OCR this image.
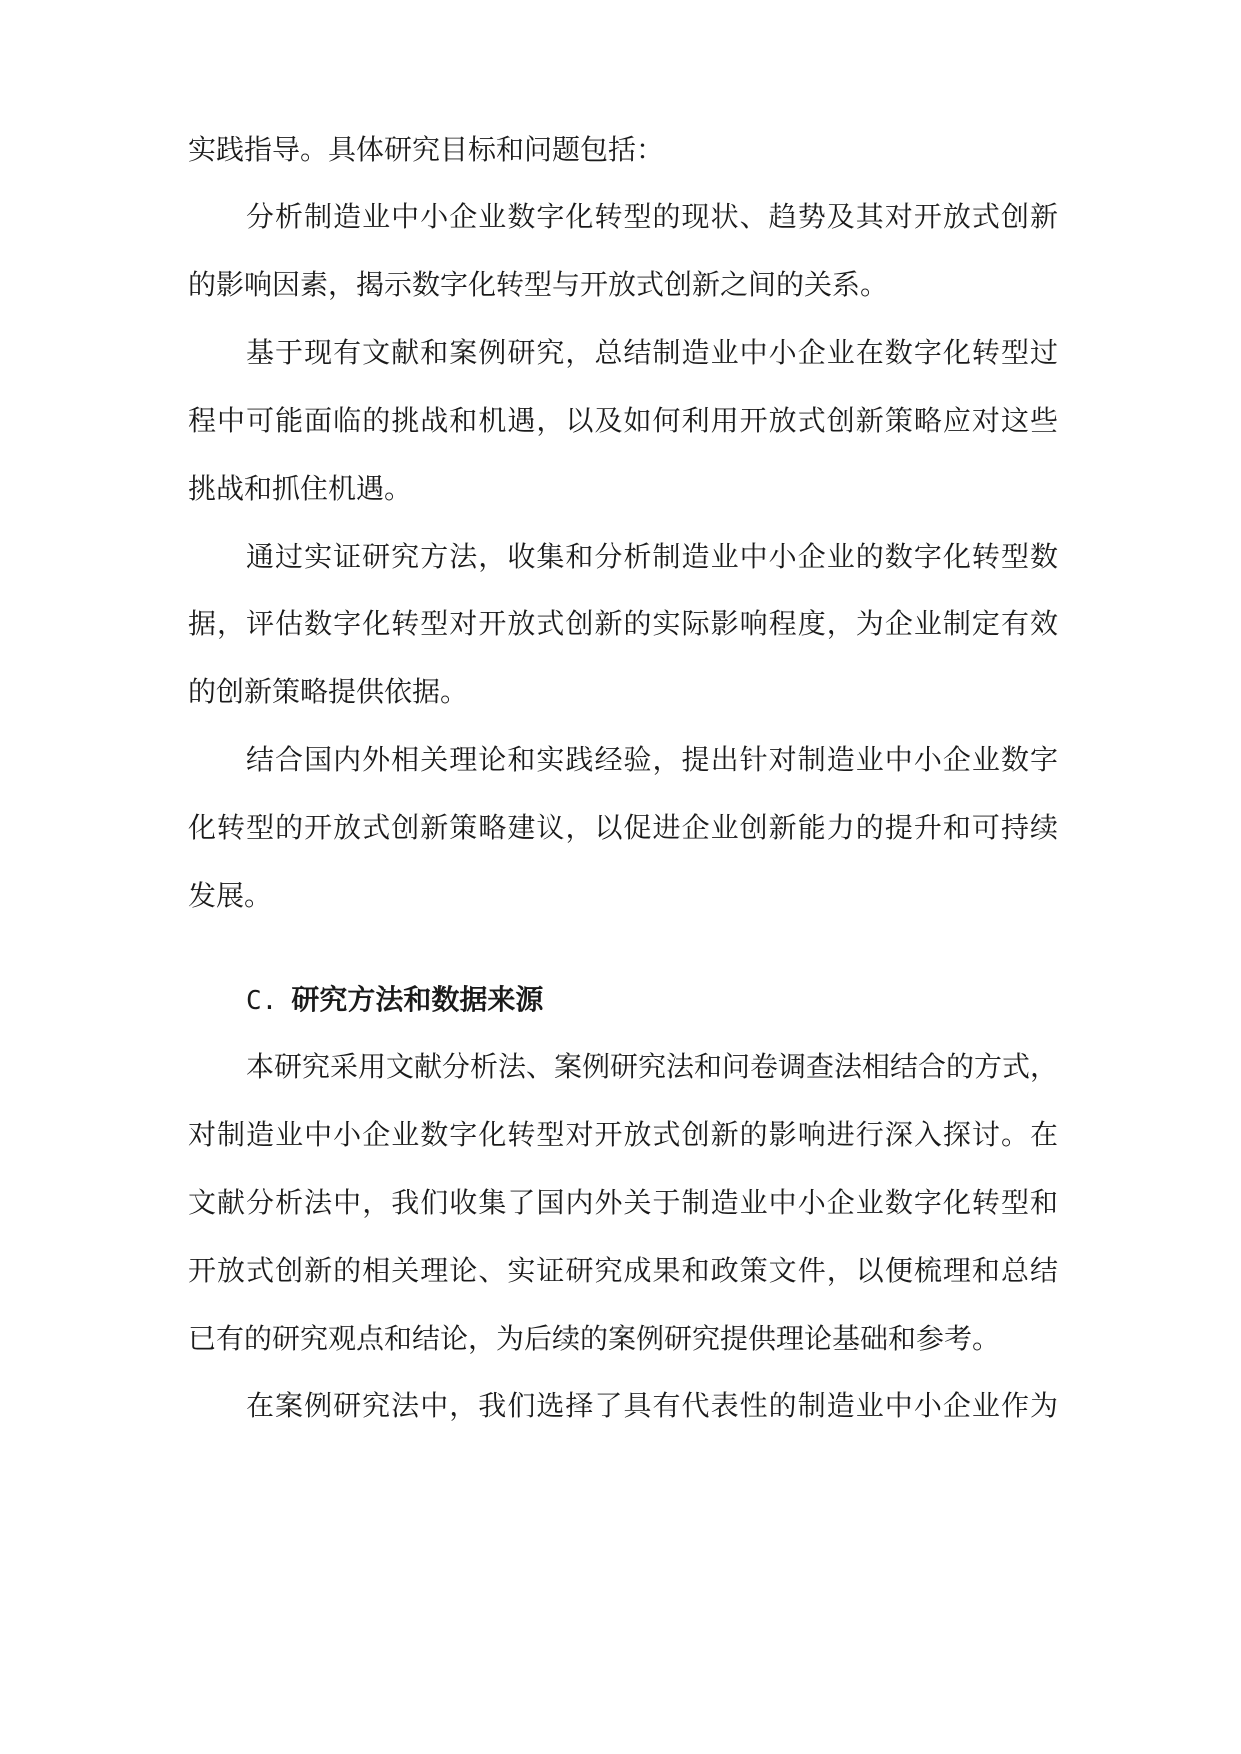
实践指导。具体研究目标和问题包括：
分析制造业中小企业数字化转型的现状、趋势及其对开放式创新
的影响因素，揭示数字化转型与开放式创新之间的关系。
基于现有文献和案例研究，总结制造业中小企业在数字化转型过
程中可能面临的挑战和机遇，以及如何利用开放式创新策略应对这些
挑战和抓住机遇。
通过实证研究方法，收集和分析制造业中小企业的数字化转型数
据，评估数字化转型对开放式创新的实际影响程度，为企业制定有效
的创新策略提供依据。
结合国内外相关理论和实践经验，提出针对制造业中小企业数字
化转型的开放式创新策略建议，以促进企业创新能力的提升和可持续
发展。
C. 研究方法和数据来源
本研究采用文献分析法、案例研究法和问卷调查法相结合的方式，
对制造业中小企业数字化转型对开放式创新的影响进行深入探讨。在
文献分析法中，我们收集了国内外关于制造业中小企业数字化转型和
开放式创新的相关理论、实证研究成果和政策文件，以便梳理和总结
已有的研究观点和结论，为后续的案例研究提供理论基础和参考。
在案例研究法中，我们选择了具有代表性的制造业中小企业作为
